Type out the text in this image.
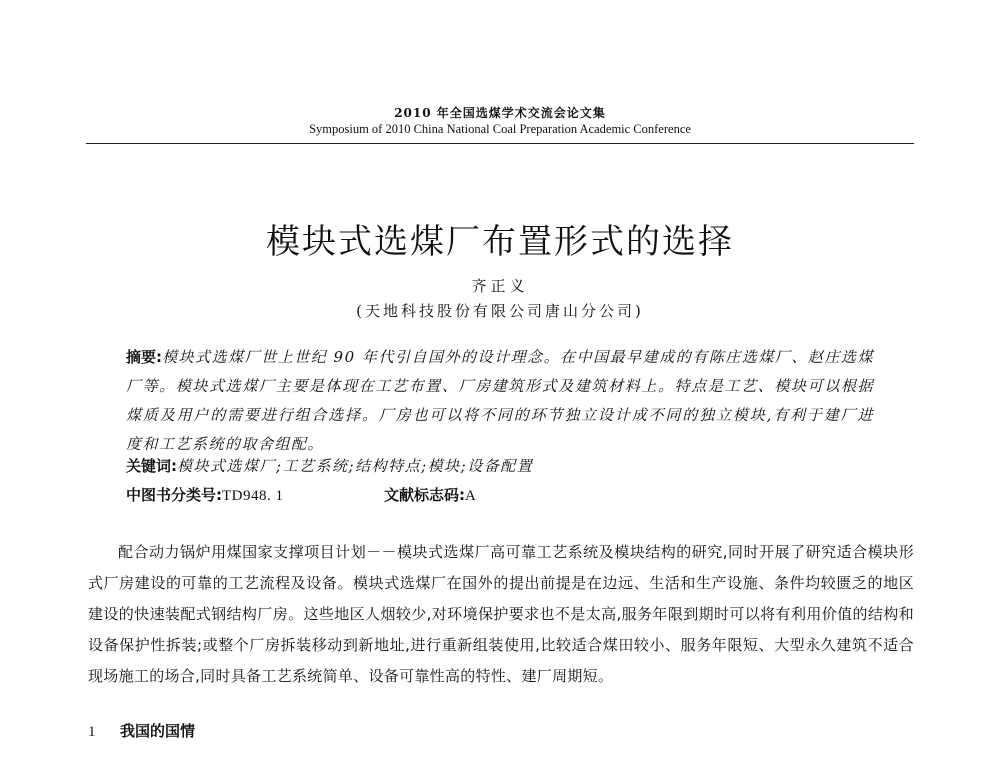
2010 年全国选煤学术交流会论文集
Symposium of 2010 China National Coal Preparation Academic Conference
模块式选煤厂布置形式的选择
齐正义
(天地科技股份有限公司唐山分公司)
摘要:模块式选煤厂世上世纪 90 年代引自国外的设计理念。在中国最早建成的有陈庄选煤厂、赵庄选煤厂等。模块式选煤厂主要是体现在工艺布置、厂房建筑形式及建筑材料上。特点是工艺、模块可以根据煤质及用户的需要进行组合选择。厂房也可以将不同的环节独立设计成不同的独立模块,有利于建厂进度和工艺系统的取舍组配。
关键词:模块式选煤厂;工艺系统;结构特点;模块;设备配置
中图书分类号:TD948. 1	文献标志码:A

配合动力锅炉用煤国家支撑项目计划－－模块式选煤厂高可靠工艺系统及模块结构的研究,同时开展了研究适合模块形式厂房建设的可靠的工艺流程及设备。模块式选煤厂在国外的提出前提是在边远、生活和生产设施、条件均较匮乏的地区建设的快速装配式钢结构厂房。这些地区人烟较少,对环境保护要求也不是太高,服务年限到期时可以将有利用价值的结构和设备保护性拆装;或整个厂房拆装移动到新地址,进行重新组装使用,比较适合煤田较小、服务年限短、大型永久建筑不适合现场施工的场合,同时具备工艺系统简单、设备可靠性高的特性、建厂周期短。

1 我国的国情
